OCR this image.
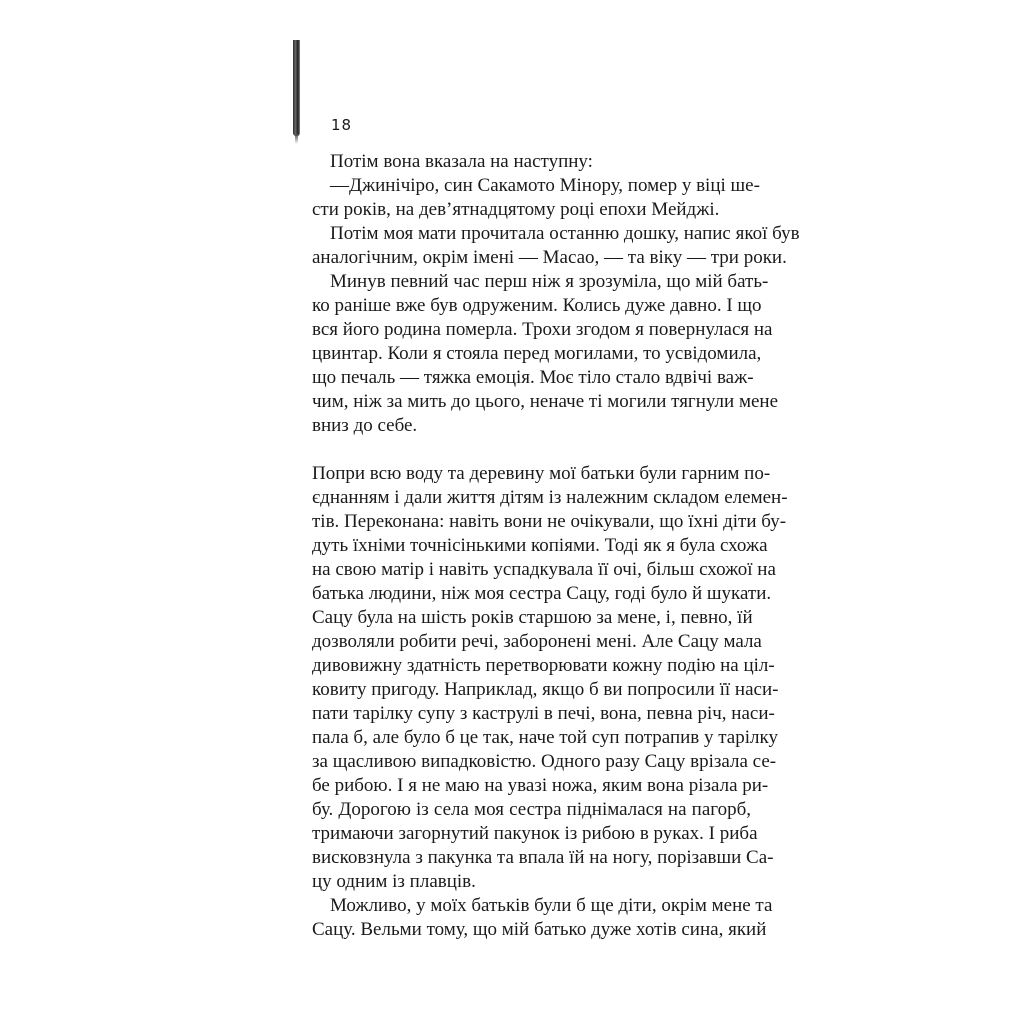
18
Потім вона вказала на наступну:
—Джинічіро, син Сакамото Мінору, помер у віці ше-
сти років, на дев’ятнадцятому році епохи Мейджі.
Потім моя мати прочитала останню дошку, напис якої був
аналогічним, окрім імені — Масао, — та віку — три роки.
Минув певний час перш ніж я зрозуміла, що мій бать-
ко раніше вже був одруженим. Колись дуже давно. І що
вся його родина померла. Трохи згодом я повернулася на
цвинтар. Коли я стояла перед могилами, то усвідомила,
що печаль — тяжка емоція. Моє тіло стало вдвічі важ-
чим, ніж за мить до цього, неначе ті могили тягнули мене
вниз до себе.
Попри всю воду та деревину мої батьки були гарним по-
єднанням і дали життя дітям із належним складом елемен-
тів. Переконана: навіть вони не очікували, що їхні діти бу-
дуть їхніми точнісінькими копіями. Тоді як я була схожа
на свою матір і навіть успадкувала її очі, більш схожої на
батька людини, ніж моя сестра Сацу, годі було й шукати.
Сацу була на шість років старшою за мене, і, певно, їй
дозволяли робити речі, заборонені мені. Але Сацу мала
дивовижну здатність перетворювати кожну подію на ціл-
ковиту пригоду. Наприклад, якщо б ви попросили її наси-
пати тарілку супу з каструлі в печі, вона, певна річ, наси-
пала б, але було б це так, наче той суп потрапив у тарілку
за щасливою випадковістю. Одного разу Сацу врізала се-
бе рибою. І я не маю на увазі ножа, яким вона різала ри-
бу. Дорогою із села моя сестра піднімалася на пагорб,
тримаючи загорнутий пакунок із рибою в руках. І риба
висковзнула з пакунка та впала їй на ногу, порізавши Са-
цу одним із плавців.
Можливо, у моїх батьків були б ще діти, окрім мене та
Сацу. Вельми тому, що мій батько дуже хотів сина, який
